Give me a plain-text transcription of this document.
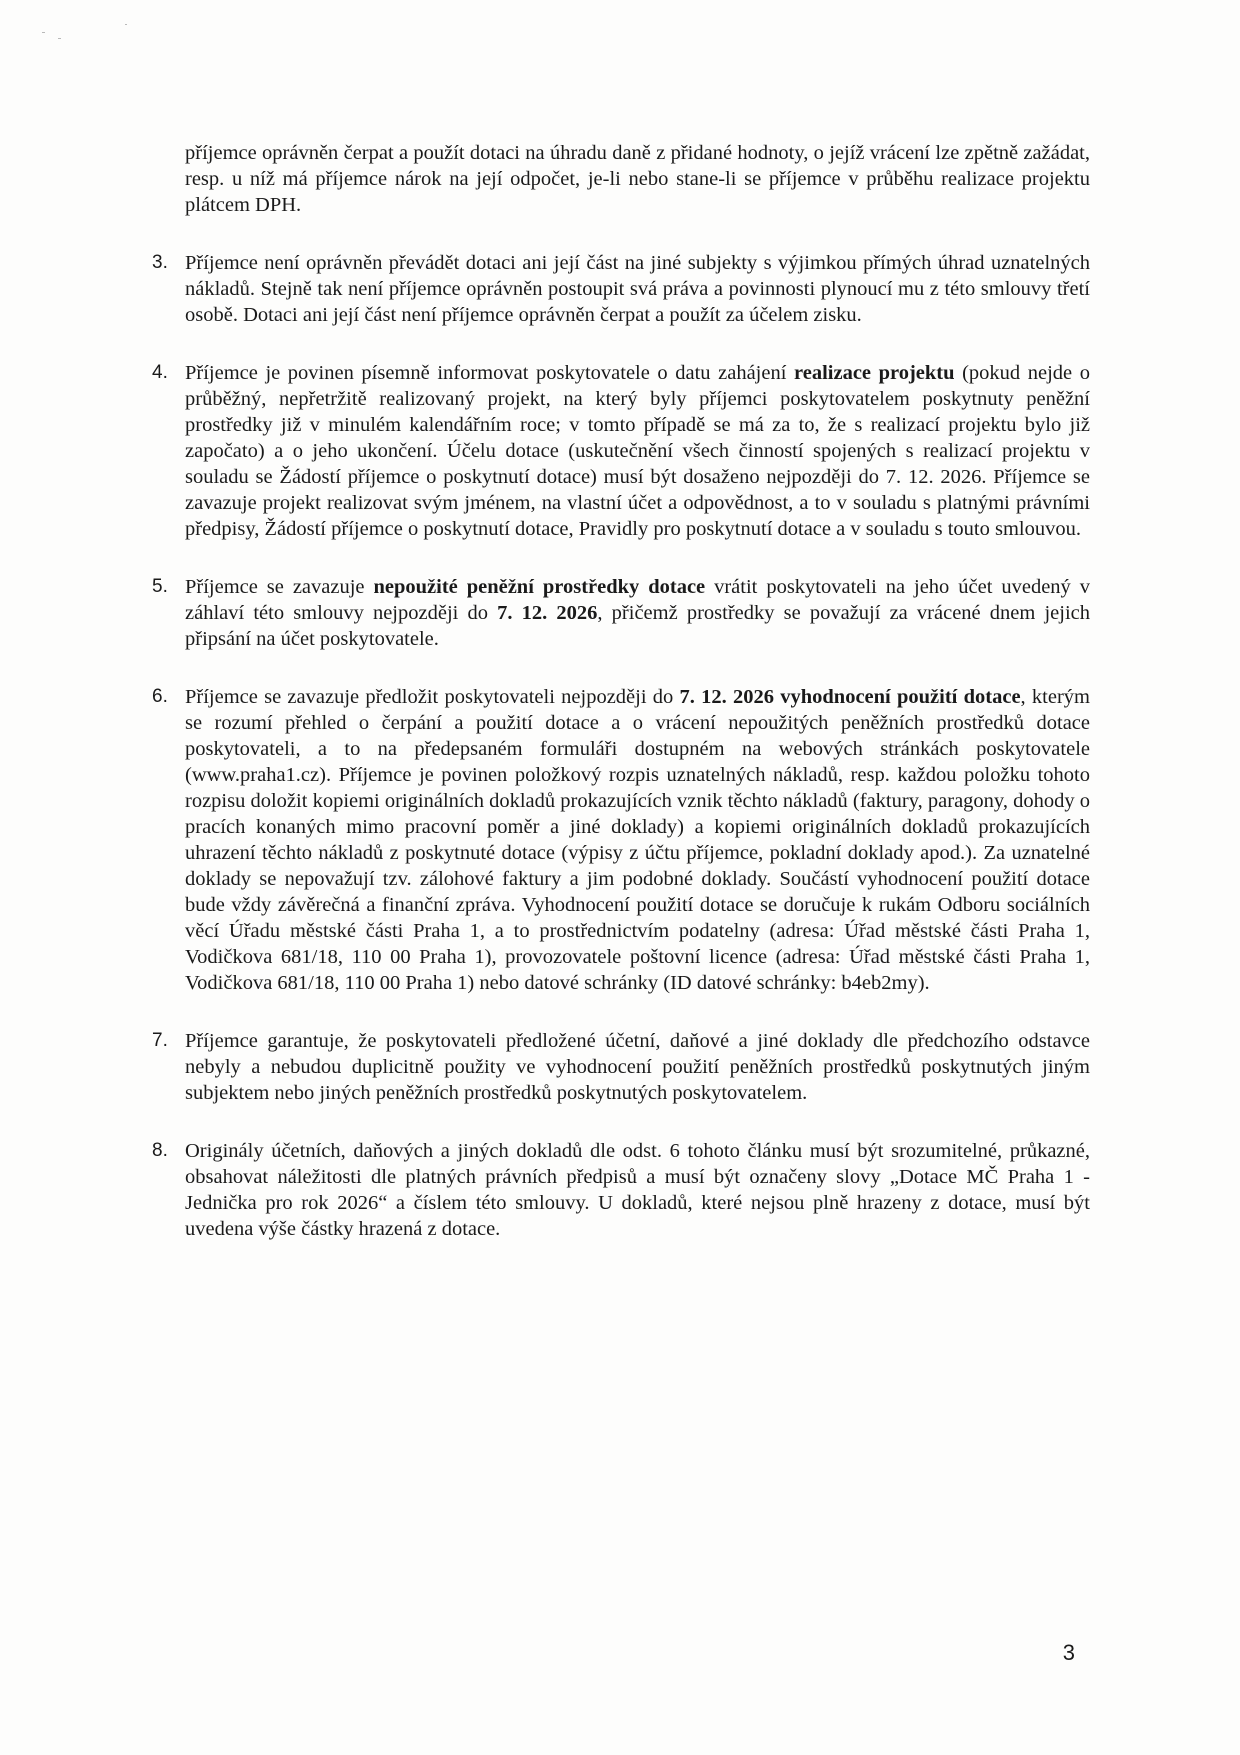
příjemce oprávněn čerpat a použít dotaci na úhradu daně z přidané hodnoty, o jejíž vrácení lze zpětně zažádat, resp. u níž má příjemce nárok na její odpočet, je-li nebo stane-li se příjemce v průběhu realizace projektu plátcem DPH.

3. Příjemce není oprávněn převádět dotaci ani její část na jiné subjekty s výjimkou přímých úhrad uznatelných nákladů. Stejně tak není příjemce oprávněn postoupit svá práva a povinnosti plynoucí mu z této smlouvy třetí osobě. Dotaci ani její část není příjemce oprávněn čerpat a použít za účelem zisku.
4. Příjemce je povinen písemně informovat poskytovatele o datu zahájení realizace projektu (pokud nejde o průběžný, nepřetržitě realizovaný projekt, na který byly příjemci poskytovatelem poskytnuty peněžní prostředky již v minulém kalendářním roce; v tomto případě se má za to, že s realizací projektu bylo již započato) a o jeho ukončení. Účelu dotace (uskutečnění všech činností spojených s realizací projektu v souladu se Žádostí příjemce o poskytnutí dotace) musí být dosaženo nejpozději do 7. 12. 2026. Příjemce se zavazuje projekt realizovat svým jménem, na vlastní účet a odpovědnost, a to v souladu s platnými právními předpisy, Žádostí příjemce o poskytnutí dotace, Pravidly pro poskytnutí dotace a v souladu s touto smlouvou.
5. Příjemce se zavazuje nepoužité peněžní prostředky dotace vrátit poskytovateli na jeho účet uvedený v záhlaví této smlouvy nejpozději do 7. 12. 2026, přičemž prostředky se považují za vrácené dnem jejich připsání na účet poskytovatele.
6. Příjemce se zavazuje předložit poskytovateli nejpozději do 7. 12. 2026 vyhodnocení použití dotace, kterým se rozumí přehled o čerpání a použití dotace a o vrácení nepoužitých peněžních prostředků dotace poskytovateli, a to na předepsaném formuláři dostupném na webových stránkách poskytovatele (www.praha1.cz). Příjemce je povinen položkový rozpis uznatelných nákladů, resp. každou položku tohoto rozpisu doložit kopiemi originálních dokladů prokazujících vznik těchto nákladů (faktury, paragony, dohody o pracích konaných mimo pracovní poměr a jiné doklady) a kopiemi originálních dokladů prokazujících uhrazení těchto nákladů z poskytnuté dotace (výpisy z účtu příjemce, pokladní doklady apod.). Za uznatelné doklady se nepovažují tzv. zálohové faktury a jim podobné doklady. Součástí vyhodnocení použití dotace bude vždy závěrečná a finanční zpráva. Vyhodnocení použití dotace se doručuje k rukám Odboru sociálních věcí Úřadu městské části Praha 1, a to prostřednictvím podatelny (adresa: Úřad městské části Praha 1, Vodičkova 681/18, 110 00 Praha 1), provozovatele poštovní licence (adresa: Úřad městské části Praha 1, Vodičkova 681/18, 110 00 Praha 1) nebo datové schránky (ID datové schránky: b4eb2my).
7. Příjemce garantuje, že poskytovateli předložené účetní, daňové a jiné doklady dle předchozího odstavce nebyly a nebudou duplicitně použity ve vyhodnocení použití peněžních prostředků poskytnutých jiným subjektem nebo jiných peněžních prostředků poskytnutých poskytovatelem.
8. Originály účetních, daňových a jiných dokladů dle odst. 6 tohoto článku musí být srozumitelné, průkazné, obsahovat náležitosti dle platných právních předpisů a musí být označeny slovy „Dotace MČ Praha 1 - Jednička pro rok 2026“ a číslem této smlouvy. U dokladů, které nejsou plně hrazeny z dotace, musí být uvedena výše částky hrazená z dotace.
3
